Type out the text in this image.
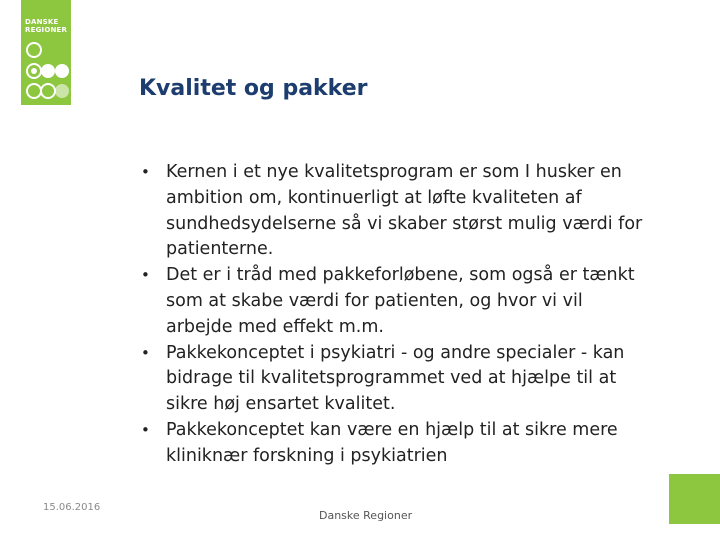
DANSKE
REGIONER
Kvalitet og pakker
• Kernen i et nye kvalitetsprogram er som I husker en ambition om, kontinuerligt at løfte kvaliteten af sundhedsydelserne så vi skaber størst mulig værdi for patienterne.
• Det er i tråd med pakkeforløbene, som også er tænkt som at skabe værdi for patienten, og hvor vi vil arbejde med effekt m.m.
• Pakkekonceptet i psykiatri - og andre specialer - kan bidrage til kvalitetsprogrammet ved at hjælpe til at sikre høj ensartet kvalitet.
• Pakkekonceptet kan være en hjælp til at sikre mere kliniknær forskning i psykiatrien
15.06.2016
Danske Regioner
